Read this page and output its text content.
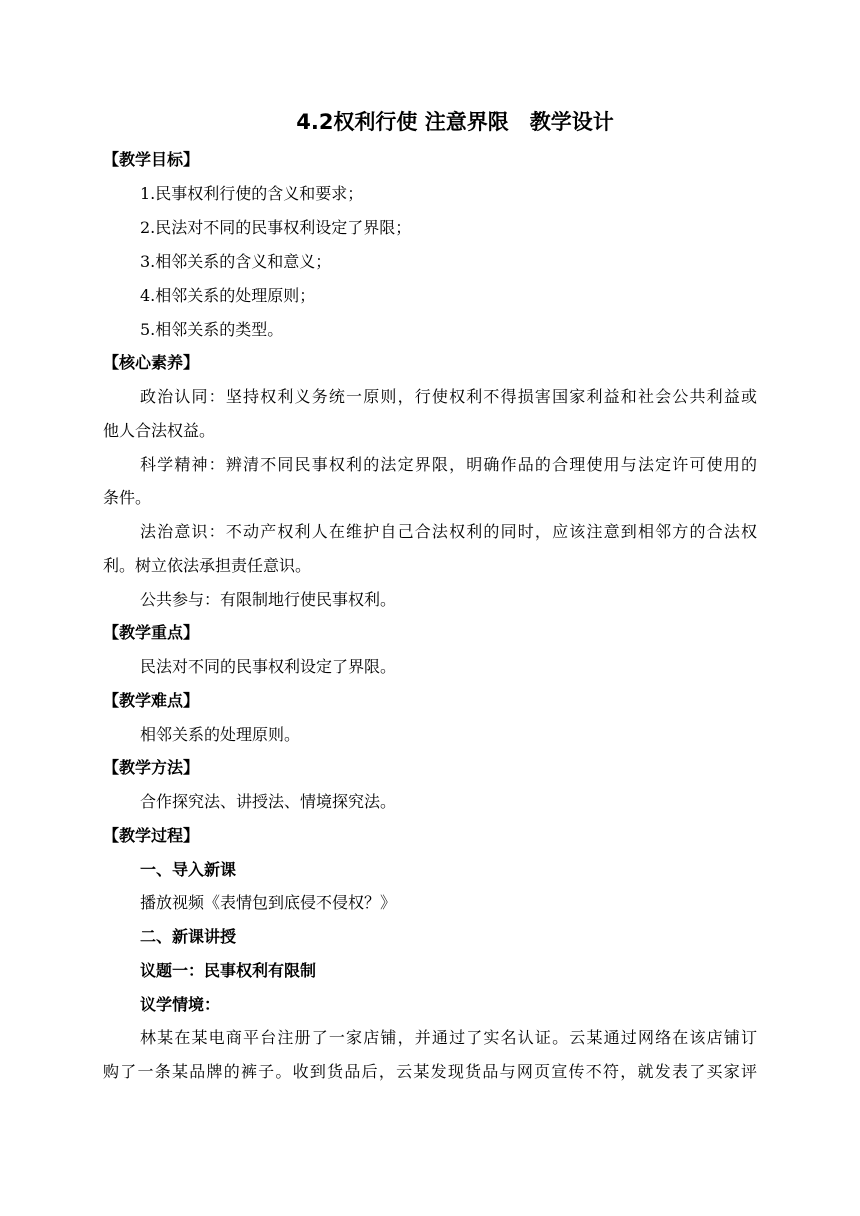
4.2权利行使 注意界限　教学设计
【教学目标】
1.民事权利行使的含义和要求；
2.民法对不同的民事权利设定了界限；
3.相邻关系的含义和意义；
4.相邻关系的处理原则；
5.相邻关系的类型。
【核心素养】
政治认同：坚持权利义务统一原则，行使权利不得损害国家利益和社会公共利益或
他人合法权益。
科学精神：辨清不同民事权利的法定界限，明确作品的合理使用与法定许可使用的
条件。
法治意识：不动产权利人在维护自己合法权利的同时，应该注意到相邻方的合法权
利。树立依法承担责任意识。
公共参与：有限制地行使民事权利。
【教学重点】
民法对不同的民事权利设定了界限。
【教学难点】
相邻关系的处理原则。
【教学方法】
合作探究法、讲授法、情境探究法。
【教学过程】
一、导入新课
播放视频《表情包到底侵不侵权？》
二、新课讲授
议题一：民事权利有限制
议学情境：
林某在某电商平台注册了一家店铺，并通过了实名认证。云某通过网络在该店铺订
购了一条某品牌的裤子。收到货品后，云某发现货品与网页宣传不符，就发表了买家评
